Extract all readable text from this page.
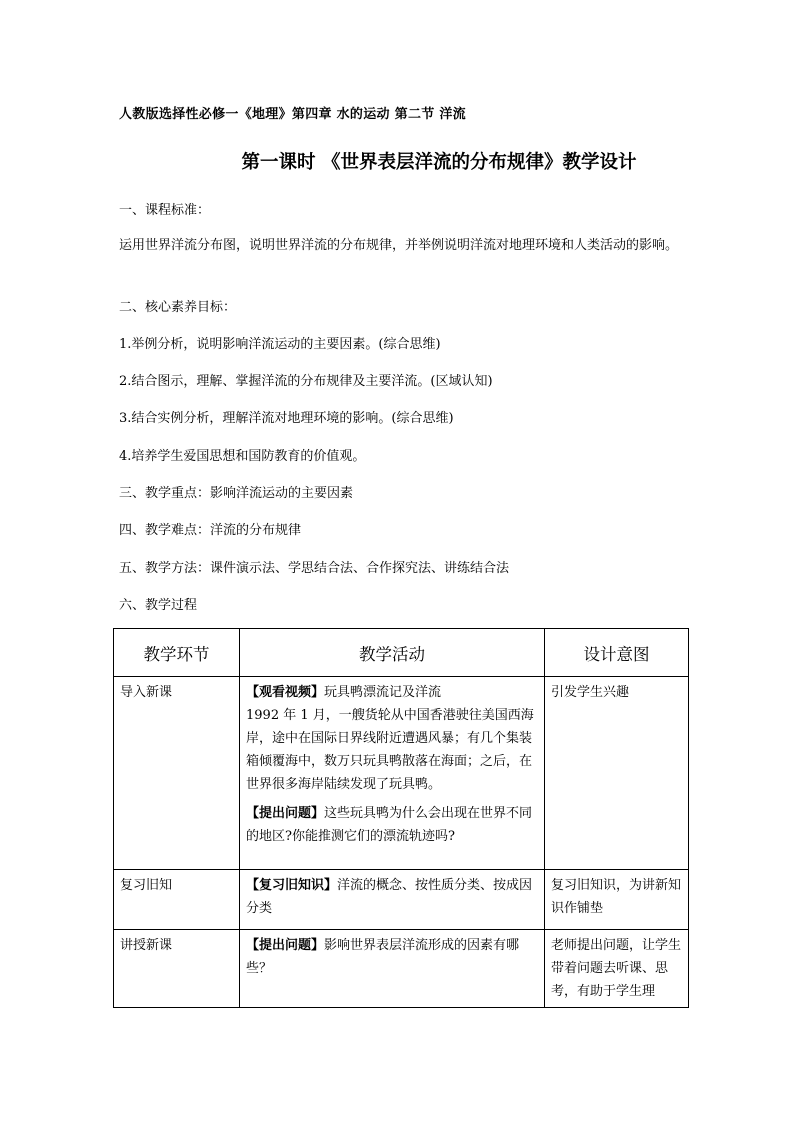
人教版选择性必修一《地理》第四章 水的运动 第二节 洋流
第一课时 《世界表层洋流的分布规律》教学设计
一、课程标准：
运用世界洋流分布图，说明世界洋流的分布规律，并举例说明洋流对地理环境和人类活动的影响。
二、核心素养目标：
1.举例分析，说明影响洋流运动的主要因素。(综合思维)
2.结合图示，理解、掌握洋流的分布规律及主要洋流。(区域认知)
3.结合实例分析，理解洋流对地理环境的影响。(综合思维)
4.培养学生爱国思想和国防教育的价值观。
三、教学重点：影响洋流运动的主要因素
四、教学难点：洋流的分布规律
五、教学方法：课件演示法、学思结合法、合作探究法、讲练结合法
六、教学过程
教学环节	教学活动	设计意图

导入新课	【观看视频】玩具鸭漂流记及洋流
1992 年 1 月，一艘货轮从中国香港驶往美国西海岸，途中在国际日界线附近遭遇风暴；有几个集装箱倾覆海中，数万只玩具鸭散落在海面；之后，在世界很多海岸陆续发现了玩具鸭。

【提出问题】这些玩具鸭为什么会出现在世界不同的地区?你能推测它们的漂流轨迹吗?	引发学生兴趣

复习旧知	【复习旧知识】洋流的概念、按性质分类、按成因分类	复习旧知识，为讲新知识作铺垫

讲授新课	【提出问题】影响世界表层洋流形成的因素有哪些？	老师提出问题，让学生带着问题去听课、思考，有助于学生理
